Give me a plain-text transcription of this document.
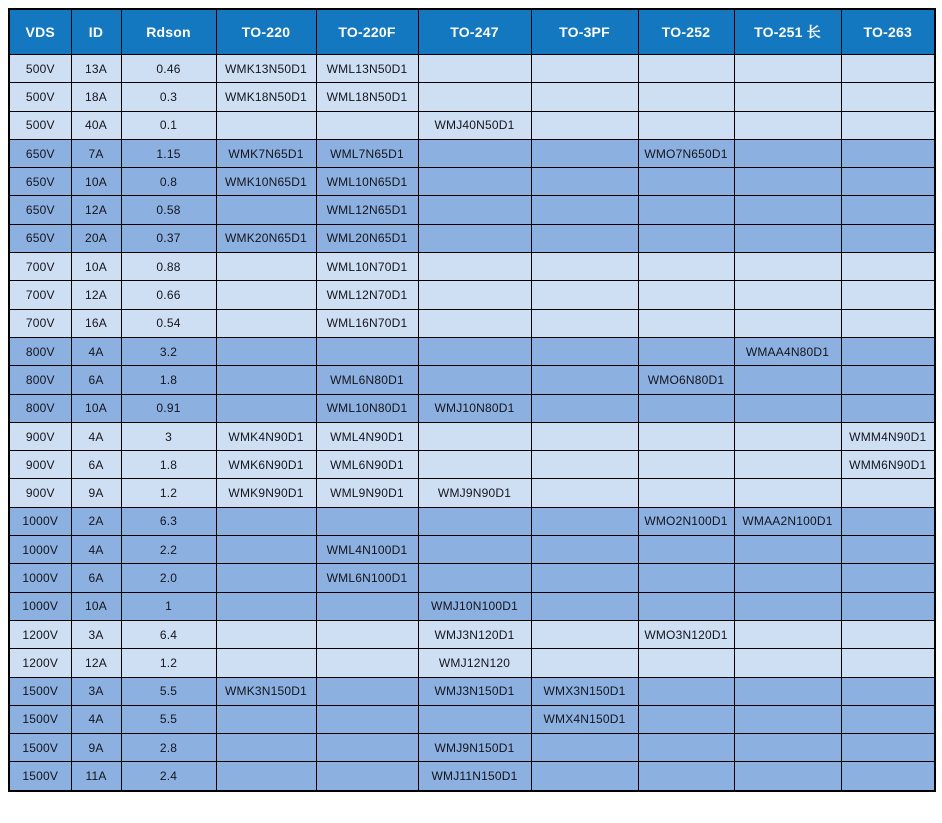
VDS	ID	Rdson	TO-220	TO-220F	TO-247	TO-3PF	TO-252	TO-251 长	TO-263
500V	13A	0.46	WMK13N50D1	WML13N50D1					
500V	18A	0.3	WMK18N50D1	WML18N50D1					
500V	40A	0.1			WMJ40N50D1				
650V	7A	1.15	WMK7N65D1	WML7N65D1			WMO7N650D1		
650V	10A	0.8	WMK10N65D1	WML10N65D1					
650V	12A	0.58		WML12N65D1					
650V	20A	0.37	WMK20N65D1	WML20N65D1					
700V	10A	0.88		WML10N70D1					
700V	12A	0.66		WML12N70D1					
700V	16A	0.54		WML16N70D1					
800V	4A	3.2						WMAA4N80D1	
800V	6A	1.8		WML6N80D1			WMO6N80D1		
800V	10A	0.91		WML10N80D1	WMJ10N80D1				
900V	4A	3	WMK4N90D1	WML4N90D1					WMM4N90D1
900V	6A	1.8	WMK6N90D1	WML6N90D1					WMM6N90D1
900V	9A	1.2	WMK9N90D1	WML9N90D1	WMJ9N90D1				
1000V	2A	6.3					WMO2N100D1	WMAA2N100D1	
1000V	4A	2.2		WML4N100D1					
1000V	6A	2.0		WML6N100D1					
1000V	10A	1			WMJ10N100D1				
1200V	3A	6.4			WMJ3N120D1		WMO3N120D1		
1200V	12A	1.2			WMJ12N120				
1500V	3A	5.5	WMK3N150D1		WMJ3N150D1	WMX3N150D1			
1500V	4A	5.5				WMX4N150D1			
1500V	9A	2.8			WMJ9N150D1				
1500V	11A	2.4			WMJ11N150D1				
